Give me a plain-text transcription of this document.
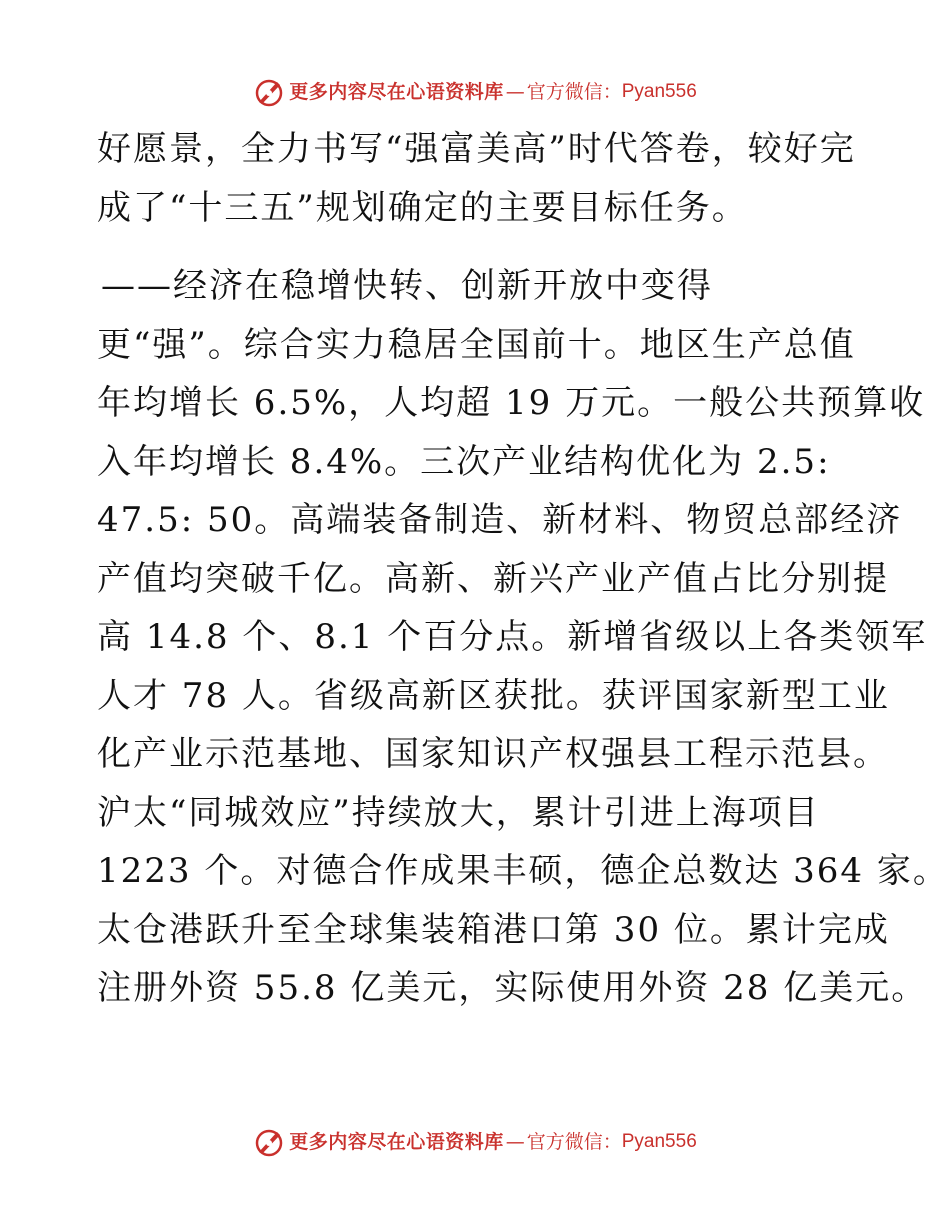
更多内容尽在心语资料库 — 官方微信： Pyan556
好愿景，全力书写“强富美高”时代答卷，较好完
成了“十三五”规划确定的主要目标任务。
——经济在稳增快转、创新开放中变得
更“强”。综合实力稳居全国前十。地区生产总值
年均增长 6.5%，人均超 19 万元。一般公共预算收
入年均增长 8.4%。三次产业结构优化为 2.5:
47.5: 50。高端装备制造、新材料、物贸总部经济
产值均突破千亿。高新、新兴产业产值占比分别提
高 14.8 个、8.1 个百分点。新增省级以上各类领军
人才 78 人。省级高新区获批。获评国家新型工业
化产业示范基地、国家知识产权强县工程示范县。
沪太“同城效应”持续放大，累计引进上海项目
1223 个。对德合作成果丰硕，德企总数达 364 家。
太仓港跃升至全球集装箱港口第 30 位。累计完成
注册外资 55.8 亿美元，实际使用外资 28 亿美元。
更多内容尽在心语资料库 — 官方微信： Pyan556
